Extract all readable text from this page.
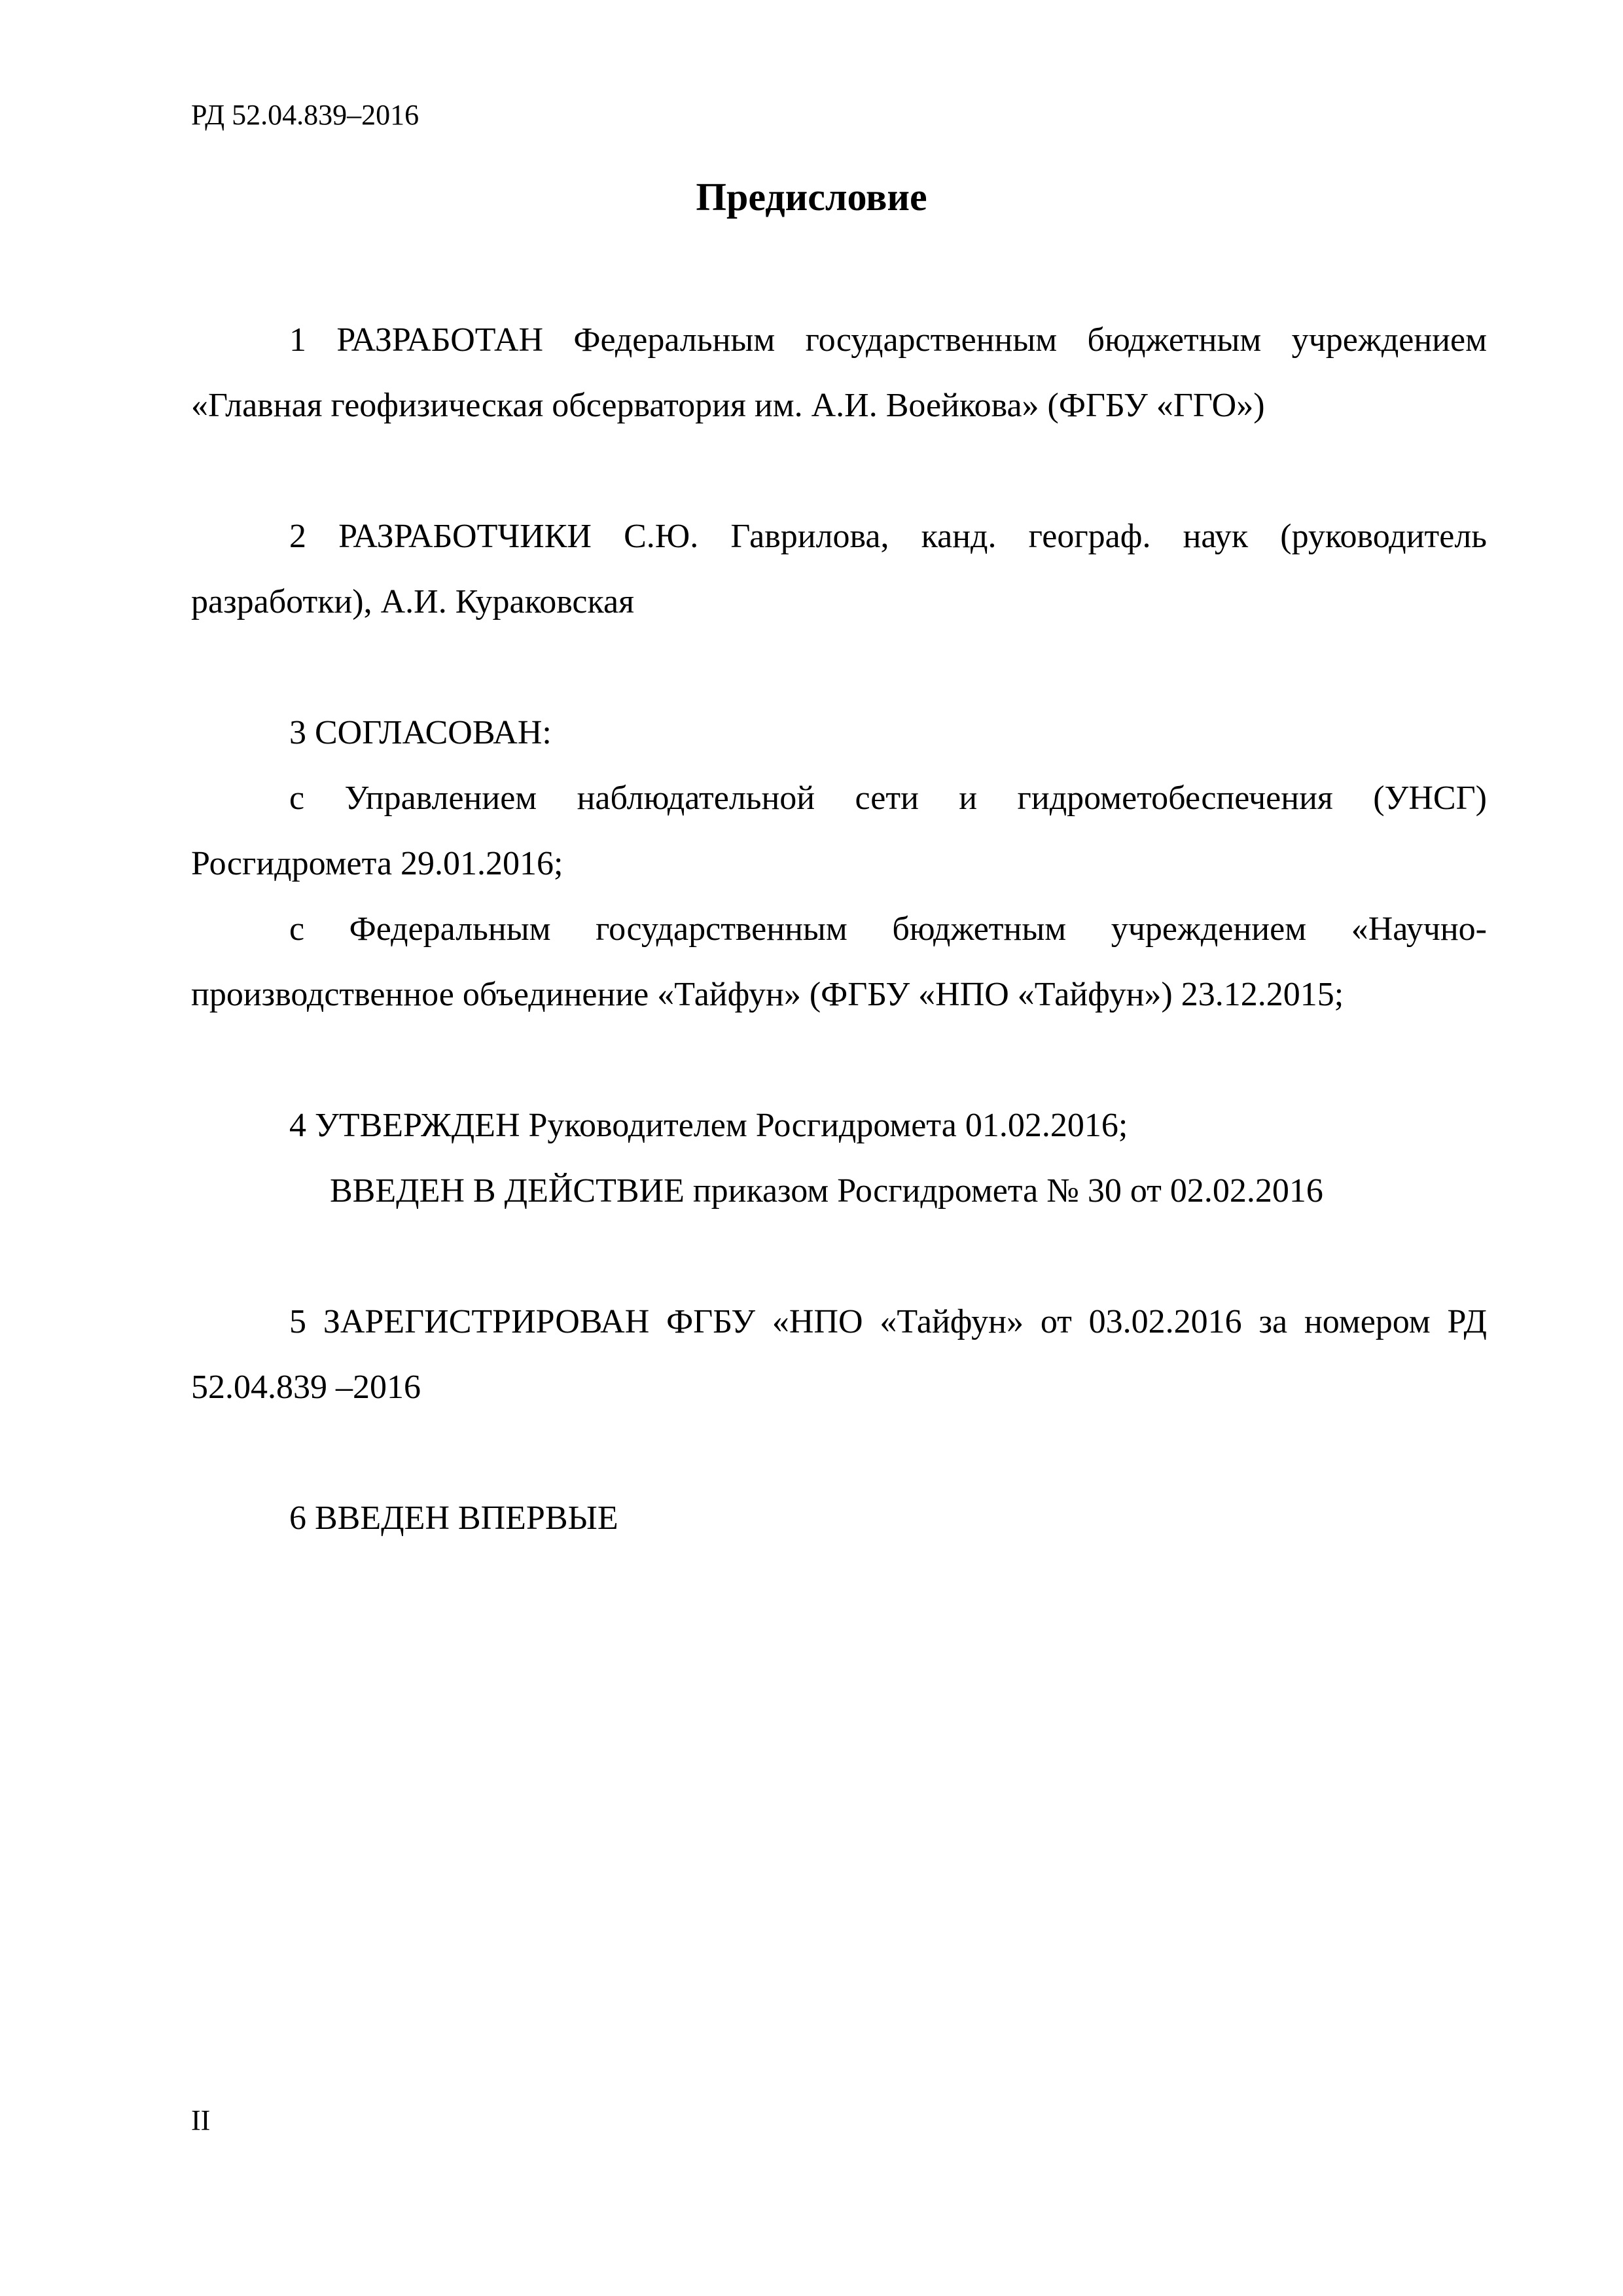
РД 52.04.839–2016
Предисловие

1 РАЗРАБОТАН Федеральным государственным бюджетным учреждением «Главная геофизическая обсерватория им. А.И. Воейкова» (ФГБУ «ГГО»)

2 РАЗРАБОТЧИКИ С.Ю. Гаврилова, канд. географ. наук (руководитель разработки), А.И. Кураковская

3 СОГЛАСОВАН:

с Управлением наблюдательной сети и гидрометобеспечения (УНСГ) Росгидромета 29.01.2016;

с Федеральным государственным бюджетным учреждением «Научно-производственное объединение «Тайфун» (ФГБУ «НПО «Тайфун») 23.12.2015;

4 УТВЕРЖДЕН Руководителем Росгидромета 01.02.2016;

ВВЕДЕН В ДЕЙСТВИЕ приказом Росгидромета № 30 от 02.02.2016

5 ЗАРЕГИСТРИРОВАН ФГБУ «НПО «Тайфун» от 03.02.2016 за номером РД 52.04.839 –2016

6 ВВЕДЕН ВПЕРВЫЕ

II
